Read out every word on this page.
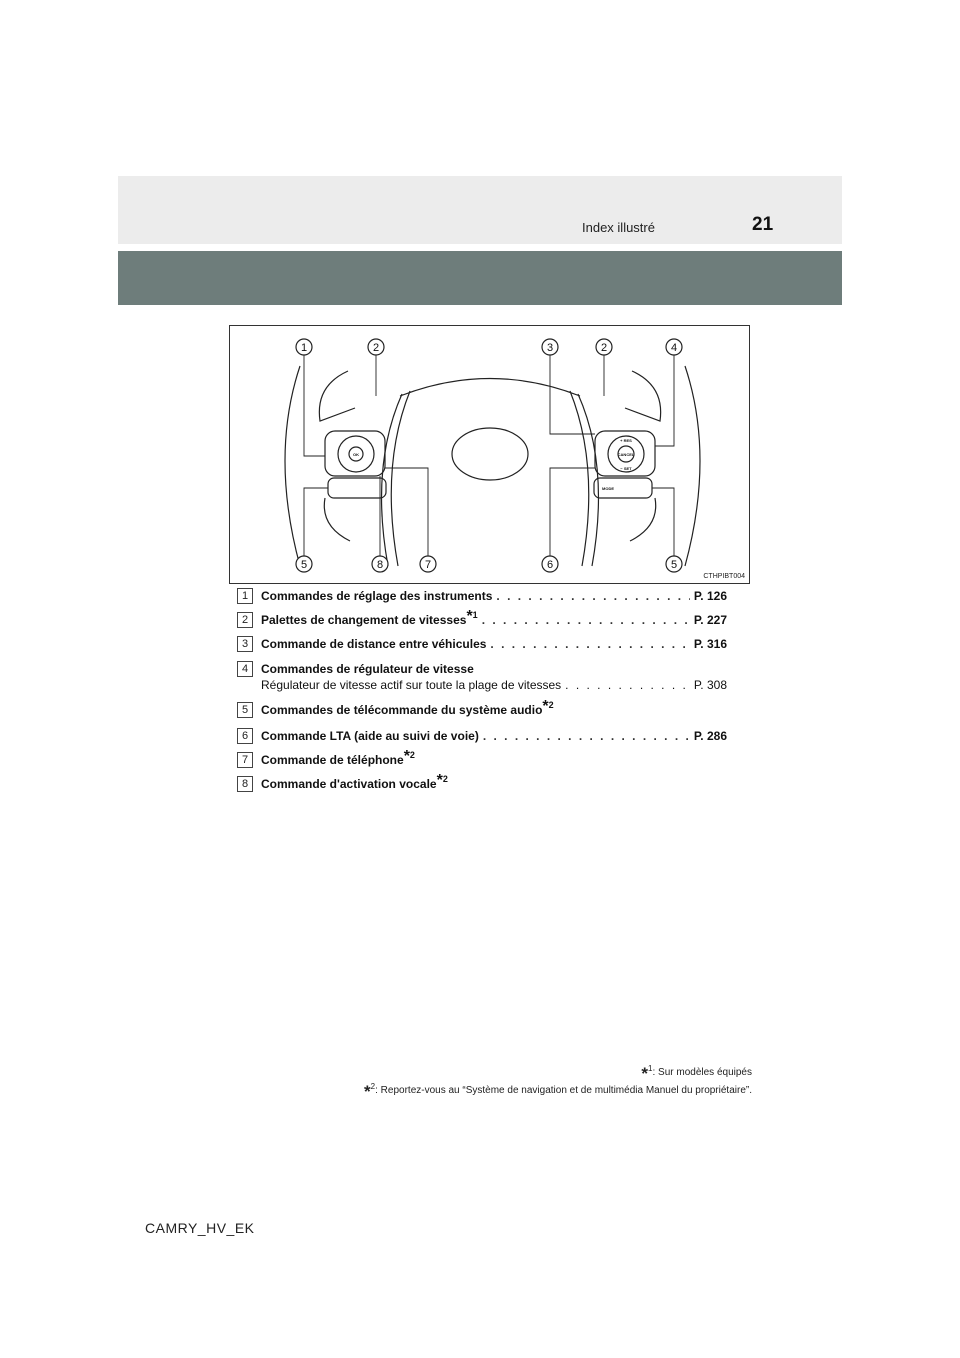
Index illustré	21
1	2	3	2	4
5	8	7	6	5
OK
+ RES
CANCEL
− SET
MODE
CTHPIBT004
1	Commandes de réglage des instruments . . .	P. 126
2	Palettes de changement de vitesses$^{*1}$ . . .	P. 227
3	Commande de distance entre véhicules . . .	P. 316
4	Commandes de régulateur de vitesse
Régulateur de vitesse actif sur toute la plage de vitesses . . .	P. 308
5	Commandes de télécommande du système audio$^{*2}$
6	Commande LTA (aide au suivi de voie) . . .	P. 286
7	Commande de téléphone$^{*2}$
8	Commande d'activation vocale$^{*2}$
*$^1$: Sur modèles équipés
*$^2$: Reportez-vous au “Système de navigation et de multimédia Manuel du propriétaire”.
CAMRY_HV_EK
